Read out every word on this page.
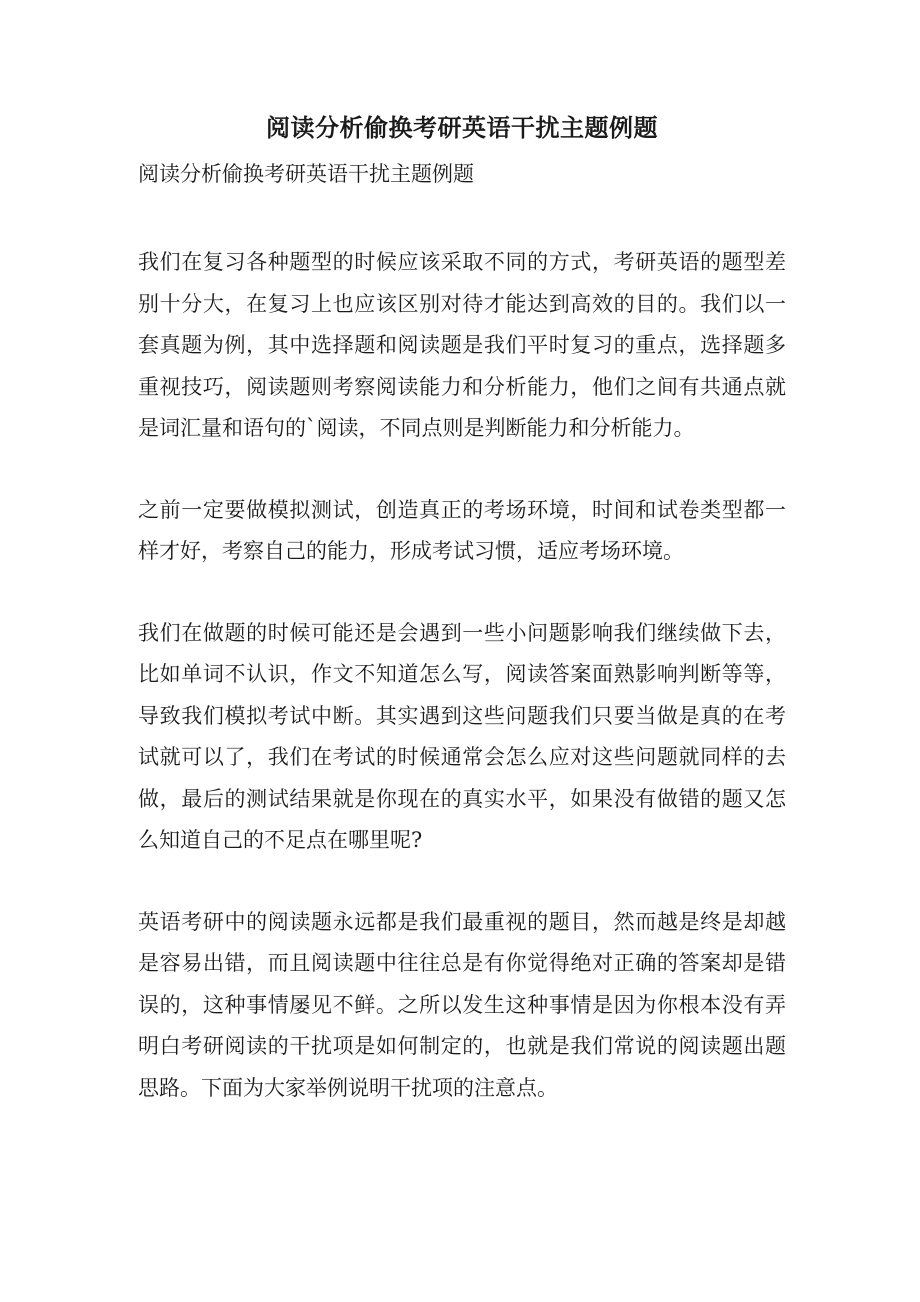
阅读分析偷换考研英语干扰主题例题

阅读分析偷换考研英语干扰主题例题

我们在复习各种题型的时候应该采取不同的方式，考研英语的题型差别十分大，在复习上也应该区别对待才能达到高效的目的。我们以一套真题为例，其中选择题和阅读题是我们平时复习的重点，选择题多重视技巧，阅读题则考察阅读能力和分析能力，他们之间有共通点就是词汇量和语句的`阅读，不同点则是判断能力和分析能力。

之前一定要做模拟测试，创造真正的考场环境，时间和试卷类型都一样才好，考察自己的能力，形成考试习惯，适应考场环境。

我们在做题的时候可能还是会遇到一些小问题影响我们继续做下去，比如单词不认识，作文不知道怎么写，阅读答案面熟影响判断等等，导致我们模拟考试中断。其实遇到这些问题我们只要当做是真的在考试就可以了，我们在考试的时候通常会怎么应对这些问题就同样的去做，最后的测试结果就是你现在的真实水平，如果没有做错的题又怎么知道自己的不足点在哪里呢?

英语考研中的阅读题永远都是我们最重视的题目，然而越是终是却越是容易出错，而且阅读题中往往总是有你觉得绝对正确的答案却是错误的，这种事情屡见不鲜。之所以发生这种事情是因为你根本没有弄明白考研阅读的干扰项是如何制定的，也就是我们常说的阅读题出题思路。下面为大家举例说明干扰项的注意点。
